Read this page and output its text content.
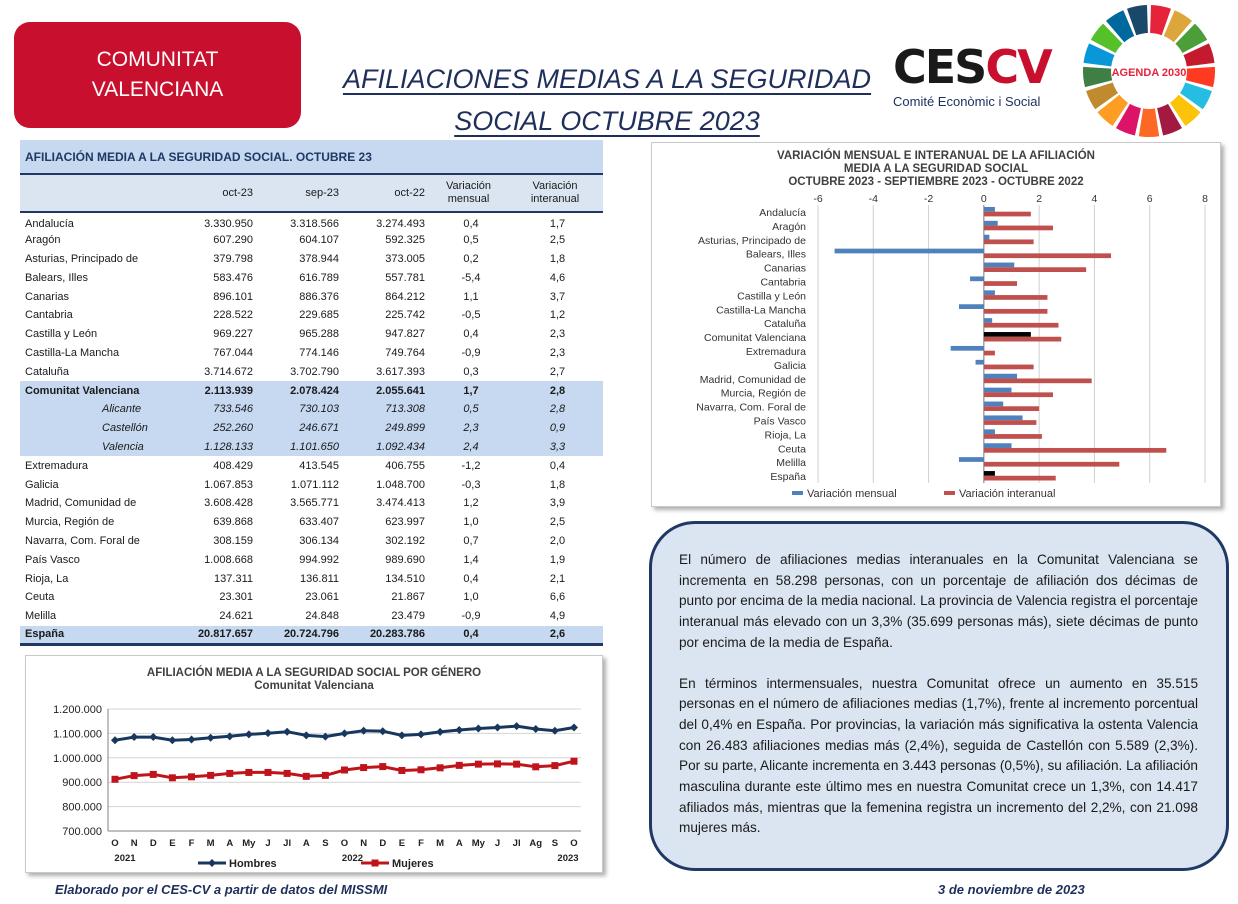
COMUNITAT
VALENCIANA	AFILIACIONES MEDIAS A LA SEGURIDAD
SOCIAL OCTUBRE 2023
CESCV
Comité Econòmic i Social
AGENDA 2030
AFILIACIÓN MEDIA A LA SEGURIDAD SOCIAL. OCTUBRE 23
	oct-23	sep-23	oct-22	Variación
mensual	Variación
interanual
Andalucía	3.330.950	3.318.566	3.274.493	0,4	1,7
Aragón	607.290	604.107	592.325	0,5	2,5
Asturias, Principado de	379.798	378.944	373.005	0,2	1,8
Balears, Illes	583.476	616.789	557.781	-5,4	4,6
Canarias	896.101	886.376	864.212	1,1	3,7
Cantabria	228.522	229.685	225.742	-0,5	1,2
Castilla y León	969.227	965.288	947.827	0,4	2,3
Castilla-La Mancha	767.044	774.146	749.764	-0,9	2,3
Cataluña	3.714.672	3.702.790	3.617.393	0,3	2,7
Comunitat Valenciana	2.113.939	2.078.424	2.055.641	1,7	2,8
Alicante	733.546	730.103	713.308	0,5	2,8
Castellón	252.260	246.671	249.899	2,3	0,9
Valencia	1.128.133	1.101.650	1.092.434	2,4	3,3
Extremadura	408.429	413.545	406.755	-1,2	0,4
Galicia	1.067.853	1.071.112	1.048.700	-0,3	1,8
Madrid, Comunidad de	3.608.428	3.565.771	3.474.413	1,2	3,9
Murcia, Región de	639.868	633.407	623.997	1,0	2,5
Navarra, Com. Foral de	308.159	306.134	302.192	0,7	2,0
País Vasco	1.008.668	994.992	989.690	1,4	1,9
Rioja, La	137.311	136.811	134.510	0,4	2,1
Ceuta	23.301	23.061	21.867	1,0	6,6
Melilla	24.621	24.848	23.479	-0,9	4,9
España	20.817.657	20.724.796	20.283.786	0,4	2,6
VARIACIÓN MENSUAL E INTERANUAL DE LA AFILIACIÓN
MEDIA A LA SEGURIDAD SOCIAL
OCTUBRE 2023 - SEPTIEMBRE 2023 - OCTUBRE 2022
-6	-4	-2	0	2	4	6	8
Andalucía
Aragón
Asturias, Principado de
Balears, Illes
Canarias
Cantabria
Castilla y León
Castilla-La Mancha
Cataluña
Comunitat Valenciana
Extremadura
Galicia
Madrid, Comunidad de
Murcia, Región de
Navarra, Com. Foral de
País Vasco
Rioja, La
Ceuta
Melilla
España
Variación mensual	Variación interanual
AFILIACIÓN MEDIA A LA SEGURIDAD SOCIAL POR GÉNERO
Comunitat Valenciana
700.000
800.000
900.000
1.000.000
1.100.000
1.200.000
O N D E F M A My J Jl A S O N D E F M A My J Jl Ag S O
2021	2022	2023
Hombres	Mujeres

El número de afiliaciones medias interanuales en la Comunitat Valenciana se incrementa en 58.298 personas, con un porcentaje de afiliación dos décimas de punto por encima de la media nacional. La provincia de Valencia registra el porcentaje interanual más elevado con un 3,3% (35.699 personas más), siete décimas de punto por encima de la media de España.

En términos intermensuales, nuestra Comunitat ofrece un aumento en 35.515 personas en el número de afiliaciones medias (1,7%), frente al incremento porcentual del 0,4% en España. Por provincias, la variación más significativa la ostenta Valencia con 26.483 afiliaciones medias más (2,4%), seguida de Castellón con 5.589 (2,3%). Por su parte, Alicante incrementa en 3.443 personas (0,5%), su afiliación. La afiliación masculina durante este último mes en nuestra Comunitat crece un 1,3%, con 14.417 afiliados más, mientras que la femenina registra un incremento del 2,2%, con 21.098 mujeres más.

Elaborado por el CES-CV a partir de datos del MISSMI	3 de noviembre de 2023
